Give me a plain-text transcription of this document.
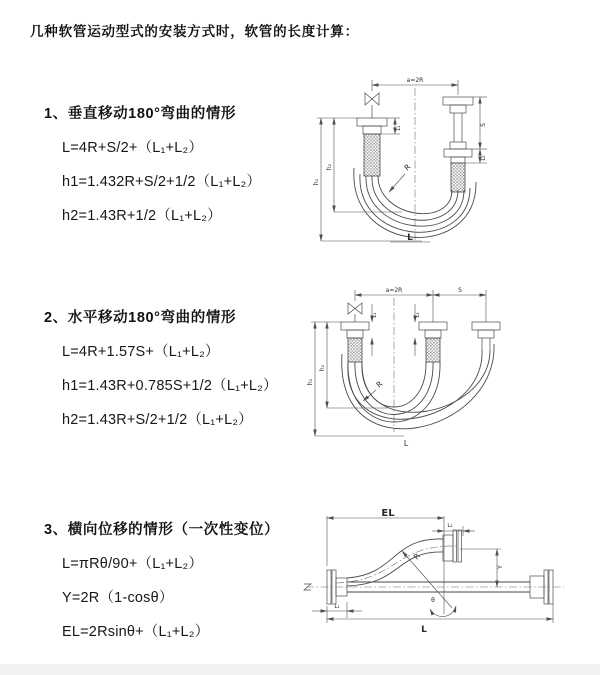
几种软管运动型式的安装方式时，软管的长度计算：
1、垂直移动180°弯曲的情形
L=4R+S/2+（L₁+L₂）
h1=1.432R+S/2+1/2（L₁+L₂）
h2=1.43R+1/2（L₁+L₂）
2、水平移动180°弯曲的情形
L=4R+1.57S+（L₁+L₂）
h1=1.43R+0.785S+1/2（L₁+L₂）
h2=1.43R+S/2+1/2（L₁+L₂）
3、横向位移的情形（一次性变位）
L=πRθ/90+（L₁+L₂）
Y=2R（1-cosθ）
EL=2Rsinθ+（L₁+L₂）
a=2R
S
L₂
L₁
h₁
h₂	R
L
a=2R	S
L₁	L₂
h₁
h₂
R
L
R
θ
EL
L₂
Y
L₁
L
